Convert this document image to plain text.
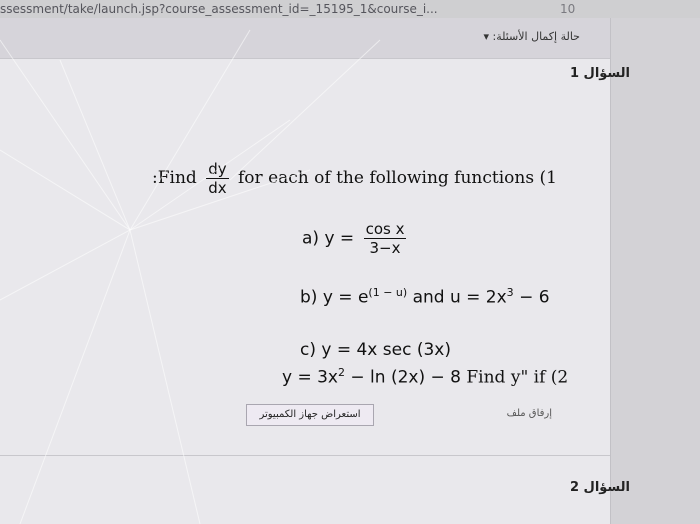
ssessment/take/launch.jsp?course_assessment_id=_15195_1&course_i...	10
حالة إكمال الأسئلة: ▾
السؤال 1
:Find $\frac{dy}{dx}$ for each of the following functions (1
a) $y = \frac{\text{cos x}}{3-x}$
b) $y = e^{(1 - u)}$ and $u = 2x^3 - 6$
c) y = 4x sec (3x)
$y = 3x^2 - \ln (2x) - 8$ Find y" if (2
استعراض جهاز الكمبيوتر	إرفاق ملف
السؤال 2
